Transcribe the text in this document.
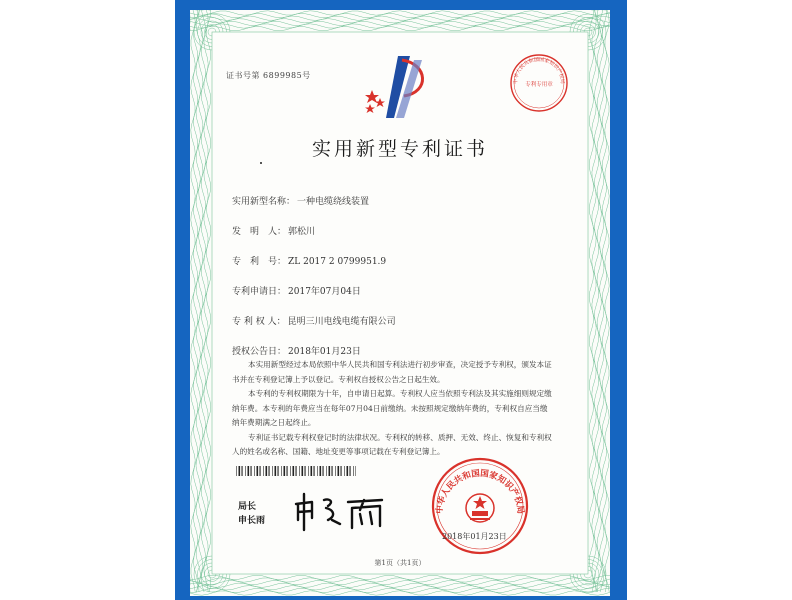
证书号第 6899985号
中华人民共和国国家知识产权局
专利专用章
实用新型专利证书
实用新型名称： 一种电缆绕线装置
发　明　人： 郭松川
专　利　号： ZL 2017 2 0799951.9
专利申请日： 2017年07月04日
专 利 权 人： 昆明三川电线电缆有限公司
授权公告日： 2018年01月23日

本实用新型经过本局依照中华人民共和国专利法进行初步审查，决定授予专利权，颁发本证书并在专利登记簿上予以登记。专利权自授权公告之日起生效。

本专利的专利权期限为十年，自申请日起算。专利权人应当依照专利法及其实施细则规定缴纳年费。本专利的年费应当在每年07月04日前缴纳。未按照规定缴纳年费的，专利权自应当缴纳年费期满之日起终止。

专利证书记载专利权登记时的法律状况。专利权的转移、质押、无效、终止、恢复和专利权人的姓名或名称、国籍、地址变更等事项记载在专利登记簿上。

局长
申长雨
中华人民共和国国家知识产权局
2018年01月23日
第1页（共1页）
